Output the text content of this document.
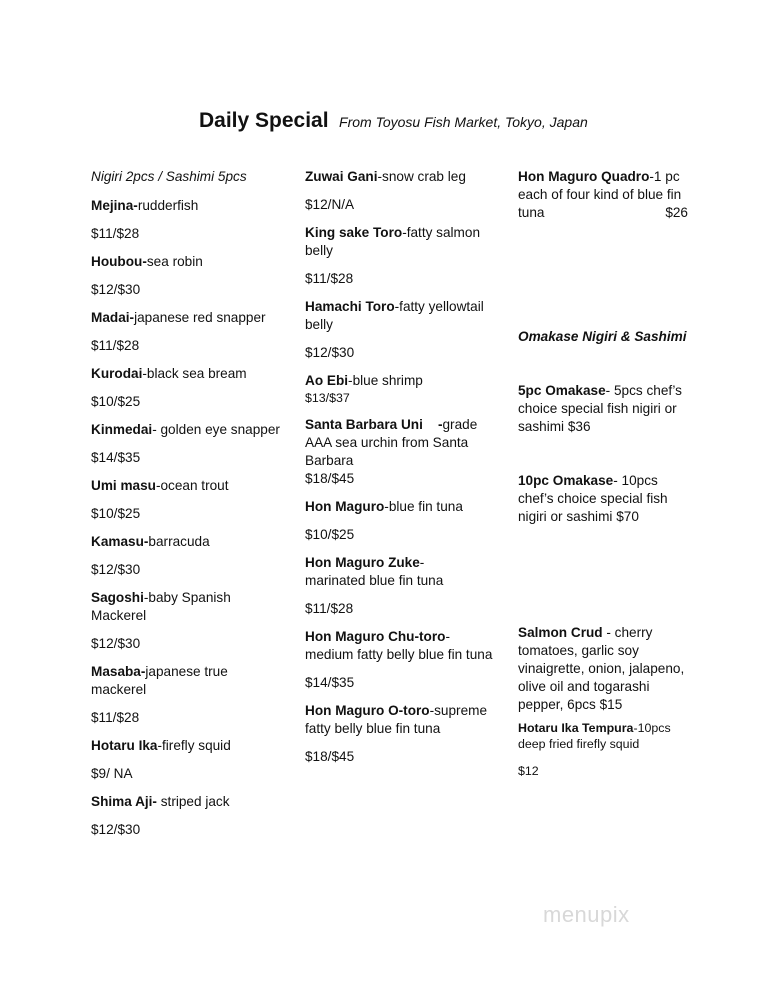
Daily Special From Toyosu Fish Market, Tokyo, Japan

Nigiri 2pcs / Sashimi 5pcs

Mejina-rudderfish

$11/$28

Houbou-sea robin

$12/$30

Madai-japanese red snapper

$11/$28

Kurodai-black sea bream

$10/$25

Kinmedai- golden eye snapper

$14/$35

Umi masu-ocean trout

$10/$25

Kamasu-barracuda

$12/$30

Sagoshi-baby Spanish Mackerel

$12/$30

Masaba-japanese true mackerel

$11/$28

Hotaru Ika-firefly squid

$9/ NA

Shima Aji- striped jack

$12/$30

Zuwai Gani-snow crab leg

$12/N/A

King sake Toro-fatty salmon belly

$11/$28

Hamachi Toro-fatty yellowtail belly

$12/$30

Ao Ebi-blue shrimp

$13/$37

Santa Barbara Uni    -grade AAA sea urchin from Santa Barbara

$18/$45

Hon Maguro-blue fin tuna

$10/$25

Hon Maguro Zuke-marinated blue fin tuna

$11/$28

Hon Maguro Chu-toro-medium fatty belly blue fin tuna

$14/$35

Hon Maguro O-toro-supreme fatty belly blue fin tuna

$18/$45

Hon Maguro Quadro-1 pc each of four kind of blue fin tuna	$26

Omakase Nigiri & Sashimi

5pc Omakase- 5pcs chef’s choice special fish nigiri or sashimi $36

10pc Omakase- 10pcs chef’s choice special fish nigiri or sashimi $70

Salmon Crud - cherry tomatoes, garlic soy vinaigrette, onion, jalapeno, olive oil and togarashi pepper, 6pcs $15

Hotaru Ika Tempura-10pcs deep fried firefly squid

$12

menupix
